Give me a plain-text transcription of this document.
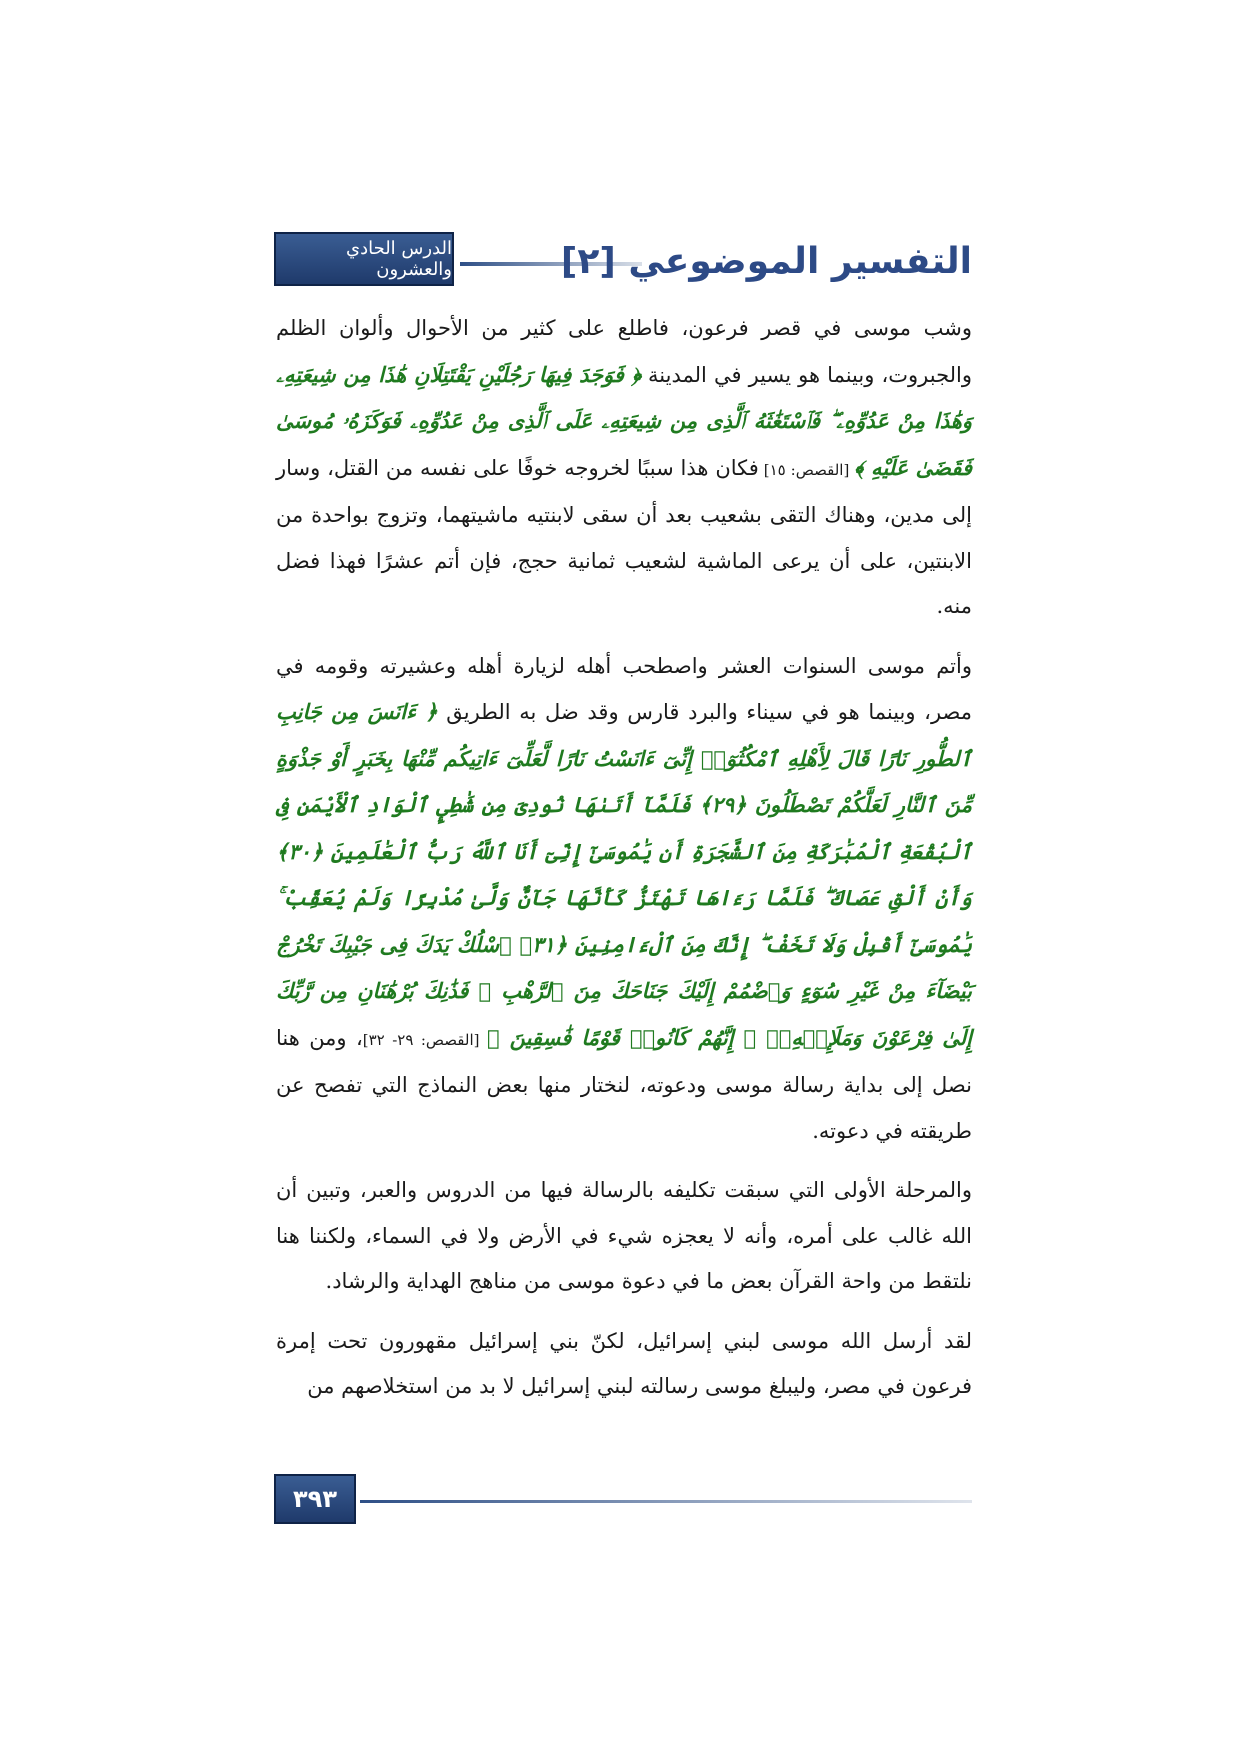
الدرس الحادي والعشرون	التفسير الموضوعي [٢]

وشب موسى في قصر فرعون، فاطلع على كثير من الأحوال وألوان الظلم والجبروت، وبينما هو يسير في المدينة ﴿ فَوَجَدَ فِيهَا رَجُلَيْنِ يَقْتَتِلَانِ هَٰذَا مِن شِيعَتِهِۦ وَهَٰذَا مِنْ عَدُوِّهِۦ ۖ فَٱسْتَغَٰثَهُ ٱلَّذِى مِن شِيعَتِهِۦ عَلَى ٱلَّذِى مِنْ عَدُوِّهِۦ فَوَكَزَهُۥ مُوسَىٰ فَقَضَىٰ عَلَيْهِ ﴾ [القصص: ١٥] فكان هذا سببًا لخروجه خوفًا على نفسه من القتل، وسار إلى مدين، وهناك التقى بشعيب بعد أن سقى لابنتيه ماشيتهما، وتزوج بواحدة من الابنتين، على أن يرعى الماشية لشعيب ثمانية حجج، فإن أتم عشرًا فهذا فضل منه.

وأتم موسى السنوات العشر واصطحب أهله لزيارة أهله وعشيرته وقومه في مصر، وبينما هو في سيناء والبرد قارس وقد ضل به الطريق ﴿ ءَانَسَ مِن جَانِبِ ٱلطُّورِ نَارًا قَالَ لِأَهْلِهِ ٱمْكُثُوٓا۟ إِنِّىٓ ءَانَسْتُ نَارًا لَّعَلِّىٓ ءَاتِيكُم مِّنْهَا بِخَبَرٍ أَوْ جَذْوَةٍ مِّنَ ٱلنَّارِ لَعَلَّكُمْ تَصْطَلُونَ ﴿٢٩﴾ فَلَمَّآ أَتَىٰهَا نُودِىَ مِن شَٰطِىِٕ ٱلْوَادِ ٱلْأَيْمَنِ فِى ٱلْبُقْعَةِ ٱلْمُبَٰرَكَةِ مِنَ ٱلشَّجَرَةِ أَن يَٰمُوسَىٰٓ إِنِّىٓ أَنَا ٱللَّهُ رَبُّ ٱلْعَٰلَمِينَ ﴿٣٠﴾ وَأَنْ أَلْقِ عَصَاكَ ۖ فَلَمَّا رَءَاهَا تَهْتَزُّ كَأَنَّهَا جَآنٌّ وَلَّىٰ مُدْبِرًا وَلَمْ يُعَقِّبْ ۚ يَٰمُوسَىٰٓ أَقْبِلْ وَلَا تَخَفْ ۖ إِنَّكَ مِنَ ٱلْءَامِنِينَ ﴿٣١﴾ ٱسْلُكْ يَدَكَ فِى جَيْبِكَ تَخْرُجْ بَيْضَآءَ مِنْ غَيْرِ سُوٓءٍ وَٱضْمُمْ إِلَيْكَ جَنَاحَكَ مِنَ ٱلرَّهْبِ ۖ فَذَٰنِكَ بُرْهَٰنَانِ مِن رَّبِّكَ إِلَىٰ فِرْعَوْنَ وَمَلَإِي۟هِۦٓ ۚ إِنَّهُمْ كَانُوا۟ قَوْمًا فَٰسِقِينَ ﴾ [القصص: ٢٩- ٣٢]، ومن هنا نصل إلى بداية رسالة موسى ودعوته، لنختار منها بعض النماذج التي تفصح عن طريقته في دعوته.

والمرحلة الأولى التي سبقت تكليفه بالرسالة فيها من الدروس والعبر، وتبين أن الله غالب على أمره، وأنه لا يعجزه شيء في الأرض ولا في السماء، ولكننا هنا نلتقط من واحة القرآن بعض ما في دعوة موسى من مناهج الهداية والرشاد.

لقد أرسل الله موسى لبني إسرائيل، لكنّ بني إسرائيل مقهورون تحت إمرة فرعون في مصر، وليبلغ موسى رسالته لبني إسرائيل لا بد من استخلاصهم من

٣٩٣
